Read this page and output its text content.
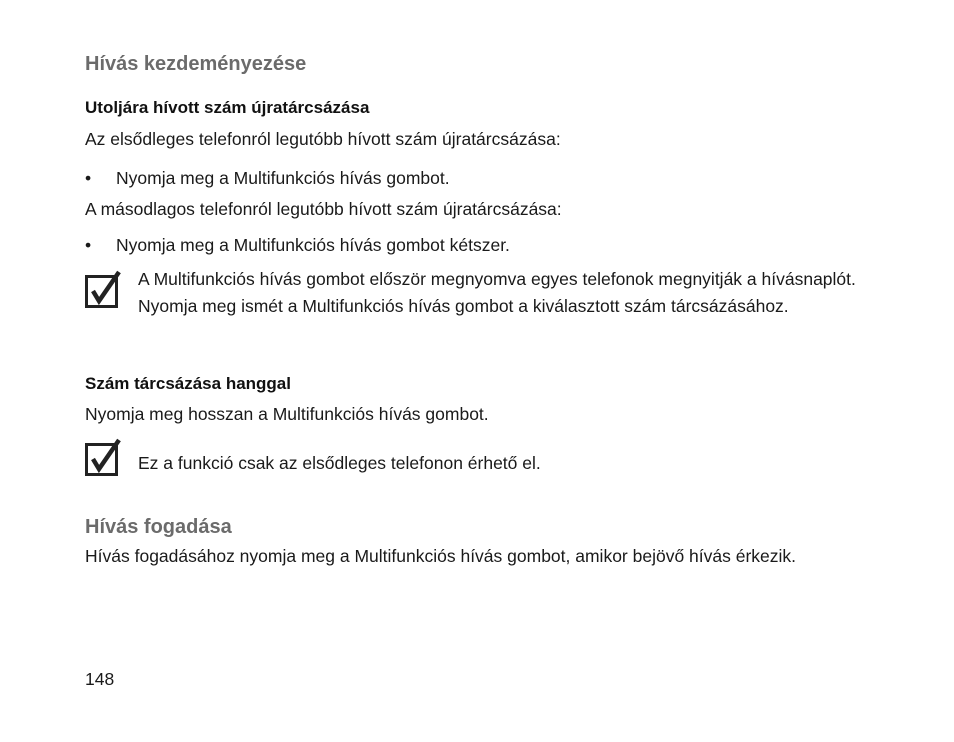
Hívás kezdeményezése
Utoljára hívott szám újratárcsázása

Az elsődleges telefonról legutóbb hívott szám újratárcsázása:

• Nyomja meg a Multifunkciós hívás gombot.

A másodlagos telefonról legutóbb hívott szám újratárcsázása:

• Nyomja meg a Multifunkciós hívás gombot kétszer.

A Multifunkciós hívás gombot először megnyomva egyes telefonok megnyitják a hívásnaplót. Nyomja meg ismét a Multifunkciós hívás gombot a kiválasztott szám tárcsázásához.

Szám tárcsázása hanggal

Nyomja meg hosszan a Multifunkciós hívás gombot.

Ez a funkció csak az elsődleges telefonon érhető el.

Hívás fogadása

Hívás fogadásához nyomja meg a Multifunkciós hívás gombot, amikor bejövő hívás érkezik.

148
